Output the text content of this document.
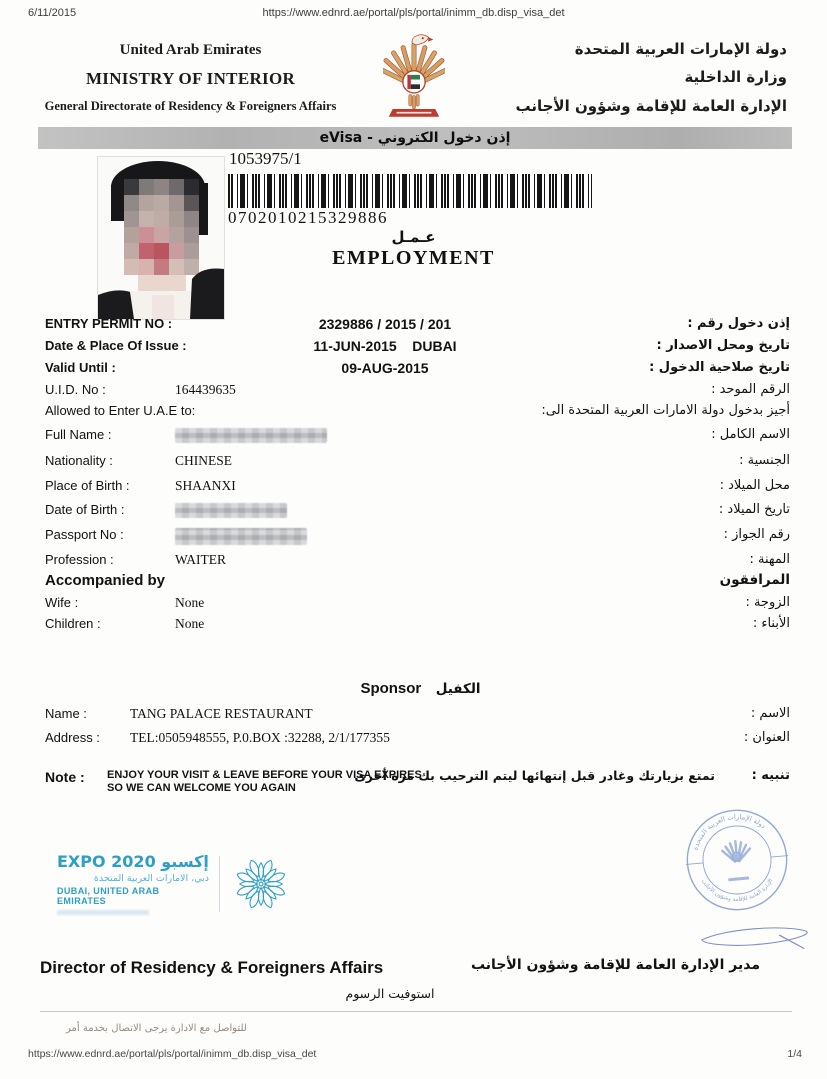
6/11/2015	https://www.ednrd.ae/portal/pls/portal/inimm_db.disp_visa_det
United Arab Emirates
MINISTRY OF INTERIOR
General Directorate of Residency & Foreigners Affairs
دولة الإمارات العربية المتحدة
وزارة الداخلية
الإدارة العامة للإقامة وشؤون الأجانب
eVisa - إذن دخول الكتروني
1053975/1
0702010215329886
عـمـل
EMPLOYMENT
ENTRY PERMIT NO :	2329886 / 2015 / 201	إذن دخول رقم :
Date & Place Of Issue :	11-JUN-2015    DUBAI	تاريخ ومحل الاصدار :
Valid Until :	09-AUG-2015	تاريخ صلاحية الدخول :
U.I.D. No :	164439635	الرقم الموحد :
Allowed to Enter U.A.E to:	أجيز بدخول دولة الامارات العربية المتحدة الى:
Full Name :	الاسم الكامل :
Nationality :	CHINESE	الجنسية :
Place of Birth :	SHAANXI	محل الميلاد :
Date of Birth :	تاريخ الميلاد :
Passport No :	رقم الجواز :
Profession :	WAITER	المهنة :
Accompanied by	المرافقون
Wife :	None	الزوجة :
Children :	None	الأبناء :
Sponsor الكفيل
Name :	TANG PALACE RESTAURANT	الاسم :
Address : TEL:0505948555, P.0.BOX :32288, 2/1/177355	العنوان :
Note : ENJOY YOUR VISIT & LEAVE BEFORE YOUR VISA EXPIRES SO WE CAN WELCOME YOU AGAIN
تمتع بزيارتك وغادر قبل إنتهائها ليتم الترحيب بك مرة أخرى	تنبيه :
EXPO 2020 إكسبو
دبي، الامارات العربية المتحدة
DUBAI, UNITED ARAB EMIRATES
دولة الإمارات العربية المتحدة
الإدارة العامة للإقامة وشؤون الأجانب
Director of Residency & Foreigners Affairs	مدير الإدارة العامة للإقامة وشؤون الأجانب
استوفيت الرسوم
للتواصل مع الادارة يرجى الاتصال بخدمة أمر
https://www.ednrd.ae/portal/pls/portal/inimm_db.disp_visa_det	1/4
